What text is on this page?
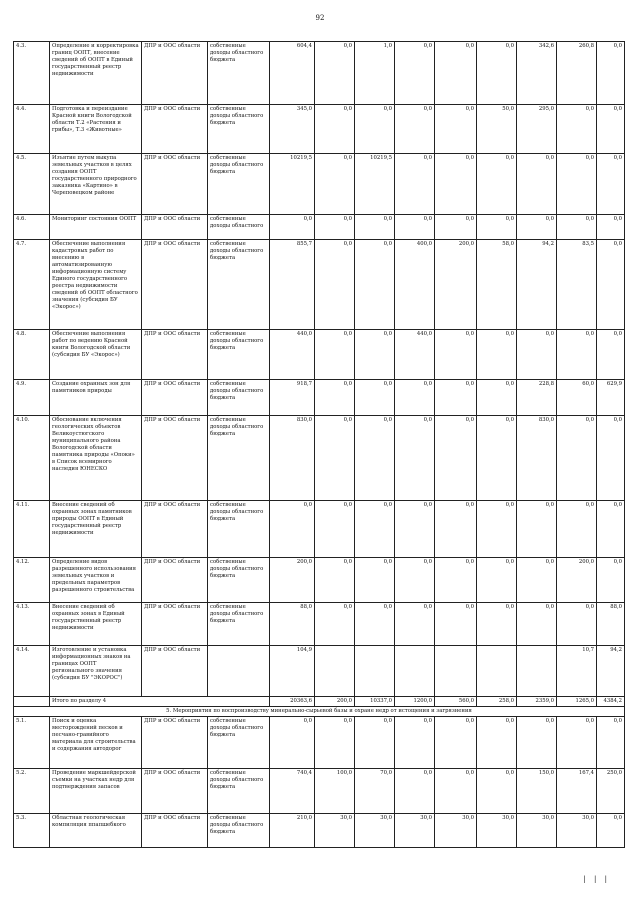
92
4.3.	Определение и корректировка границ ООПТ, внесение сведений об ООПТ в Единый государственный реестр недвижимости	ДПР и ООС области	собственные доходы областного бюджета	604,4	0,0	1,0	0,0	0,0	0,0	342,6	260,8	0,0
4.4.	Подготовка и переиздание Красной книги Вологодской области Т.2 «Растения и грибы», Т.3 «Животные»	ДПР и ООС области	собственные доходы областного бюджета	345,0	0,0	0,0	0,0	0,0	50,0	295,0	0,0	0,0
4.5.	Изъятие путем выкупа земельных участков в целях создания ООПТ государственного природного заказника «Картино» в Череповецком районе	ДПР и ООС области	собственные доходы областного бюджета	10219,5	0,0	10219,5	0,0	0,0	0,0	0,0	0,0	0,0
4.6.	Мониторинг состояния ООПТ	ДПР и ООС области	собственные доходы областного	0,0	0,0	0,0	0,0	0,0	0,0	0,0	0,0	0,0
4.7.	Обеспечение выполнения кадастровых работ по внесению в автоматизированную информационную систему Единого государственного реестра недвижимости сведений об ООПТ областного значения (субсидия БУ «Экорос»)	ДПР и ООС области	собственные доходы областного бюджета	855,7	0,0	0,0	400,0	200,0	58,0	94,2	83,5	0,0
4.8.	Обеспечение выполнения работ по ведению Красной книги Вологодской области (субсидия БУ «Экорос»)	ДПР и ООС области	собственные доходы областного бюджета	440,0	0,0	0,0	440,0	0,0	0,0	0,0	0,0	0,0
4.9.	Создание охранных зон для памятников природы	ДПР и ООС области	собственные доходы областного бюджета	918,7	0,0	0,0	0,0	0,0	0,0	228,8	60,0	629,9
4.10.	Обоснование включения геологических объектов Великоустюгского муниципального района Вологодской области памятника природы «Опоки» в Список всемирного наследия ЮНЕСКО	ДПР и ООС области	собственные доходы областного бюджета	830,0	0,0	0,0	0,0	0,0	0,0	830,0	0,0	0,0
4.11.	Внесение сведений об охранных зонах памятников природы ООПТ в Единый государственный реестр недвижимости	ДПР и ООС области	собственные доходы областного бюджета	0,0	0,0	0,0	0,0	0,0	0,0	0,0	0,0	0,0
4.12.	Определение видов разрешенного использования земельных участков и предельных параметров разрешенного строительства	ДПР и ООС области	собственные доходы областного бюджета	200,0	0,0	0,0	0,0	0,0	0,0	0,0	200,0	0,0
4.13.	Внесение сведений об охранных зонах в Единый государственный реестр недвижимости	ДПР и ООС области	собственные доходы областного бюджета	88,0	0,0	0,0	0,0	0,0	0,0	0,0	0,0	88,0
4.14.	Изготовление и установка информационных знаков на границах ООПТ регионального значения (субсидия БУ "ЭКОРОС")	ДПР и ООС области		104,9							10,7	94,2
	Итого по разделу 4			20363,6	200,0	10337,0	1200,0	560,0	258,0	2359,0	1265,0	4384,2
5. Мероприятия по воспроизводству минерально-сырьевой базы и охране недр от истощения и загрязнения												
5.1.	Поиск и оценка месторождений песков и песчано-гравийного материала для строительства и содержания автодорог	ДПР и ООС области	собственные доходы областного бюджета	0,0	0,0	0,0	0,0	0,0	0,0	0,0	0,0	0,0
5.2.	Проведение маркшейдерской съемки на участках недр для подтверждения запасов	ДПР и ООС области	собственные доходы областного бюджета	740,4	100,0	70,0	0,0	0,0	0,0	150,0	167,4	250,0
5.3.	Областная геологическая компиляция ппапшебкого	ДПР и ООС области	собственные доходы областного бюджета	210,0	30,0	30,0	30,0	30,0	30,0	30,0	30,0	0,0
| | |
